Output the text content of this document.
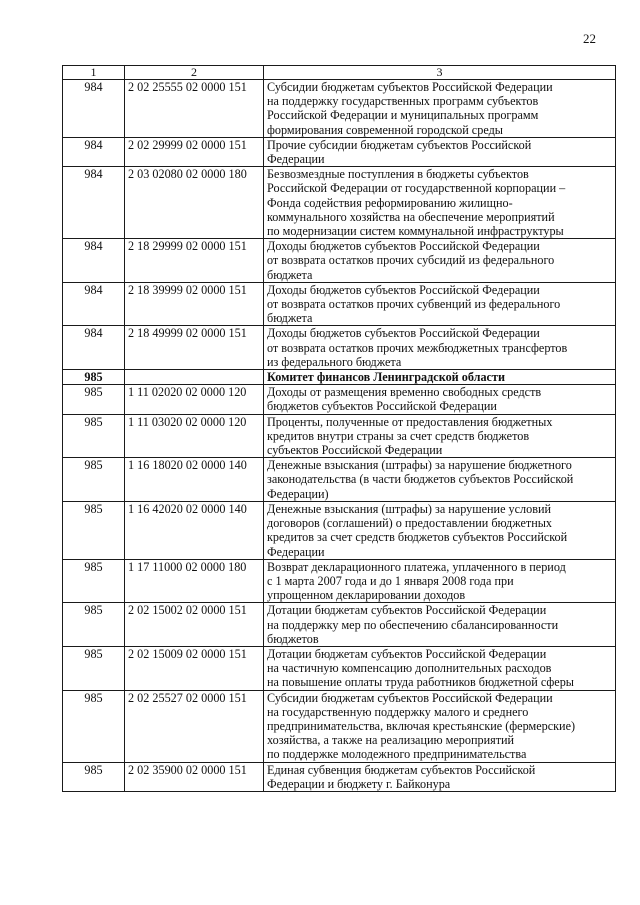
22
1	2	3
984	2 02 25555 02 0000 151	Субсидии бюджетам субъектов Российской Федерации
на поддержку государственных программ субъектов
Российской Федерации и муниципальных программ
формирования современной городской среды
984	2 02 29999 02 0000 151	Прочие субсидии бюджетам субъектов Российской
Федерации
984	2 03 02080 02 0000 180	Безвозмездные поступления в бюджеты субъектов
Российской Федерации от государственной корпорации –
Фонда содействия реформированию жилищно-
коммунального хозяйства на обеспечение мероприятий
по модернизации систем коммунальной инфраструктуры
984	2 18 29999 02 0000 151	Доходы бюджетов субъектов Российской Федерации
от возврата остатков прочих субсидий из федерального
бюджета
984	2 18 39999 02 0000 151	Доходы бюджетов субъектов Российской Федерации
от возврата остатков прочих субвенций из федерального
бюджета
984	2 18 49999 02 0000 151	Доходы бюджетов субъектов Российской Федерации
от возврата остатков прочих межбюджетных трансфертов
из федерального бюджета
985		Комитет финансов Ленинградской области
985	1 11 02020 02 0000 120	Доходы от размещения временно свободных средств
бюджетов субъектов Российской Федерации
985	1 11 03020 02 0000 120	Проценты, полученные от предоставления бюджетных
кредитов внутри страны за счет средств бюджетов
субъектов Российской Федерации
985	1 16 18020 02 0000 140	Денежные взыскания (штрафы) за нарушение бюджетного
законодательства (в части бюджетов субъектов Российской
Федерации)
985	1 16 42020 02 0000 140	Денежные взыскания (штрафы) за нарушение условий
договоров (соглашений) о предоставлении бюджетных
кредитов за счет средств бюджетов субъектов Российской
Федерации
985	1 17 11000 02 0000 180	Возврат декларационного платежа, уплаченного в период
с 1 марта 2007 года и до 1 января 2008 года при
упрощенном декларировании доходов
985	2 02 15002 02 0000 151	Дотации бюджетам субъектов Российской Федерации
на поддержку мер по обеспечению сбалансированности
бюджетов
985	2 02 15009 02 0000 151	Дотации бюджетам субъектов Российской Федерации
на частичную компенсацию дополнительных расходов
на повышение оплаты труда работников бюджетной сферы
985	2 02 25527 02 0000 151	Субсидии бюджетам субъектов Российской Федерации
на государственную поддержку малого и среднего
предпринимательства, включая крестьянские (фермерские)
хозяйства, а также на реализацию мероприятий
по поддержке молодежного предпринимательства
985	2 02 35900 02 0000 151	Единая субвенция бюджетам субъектов Российской
Федерации и бюджету г. Байконура
